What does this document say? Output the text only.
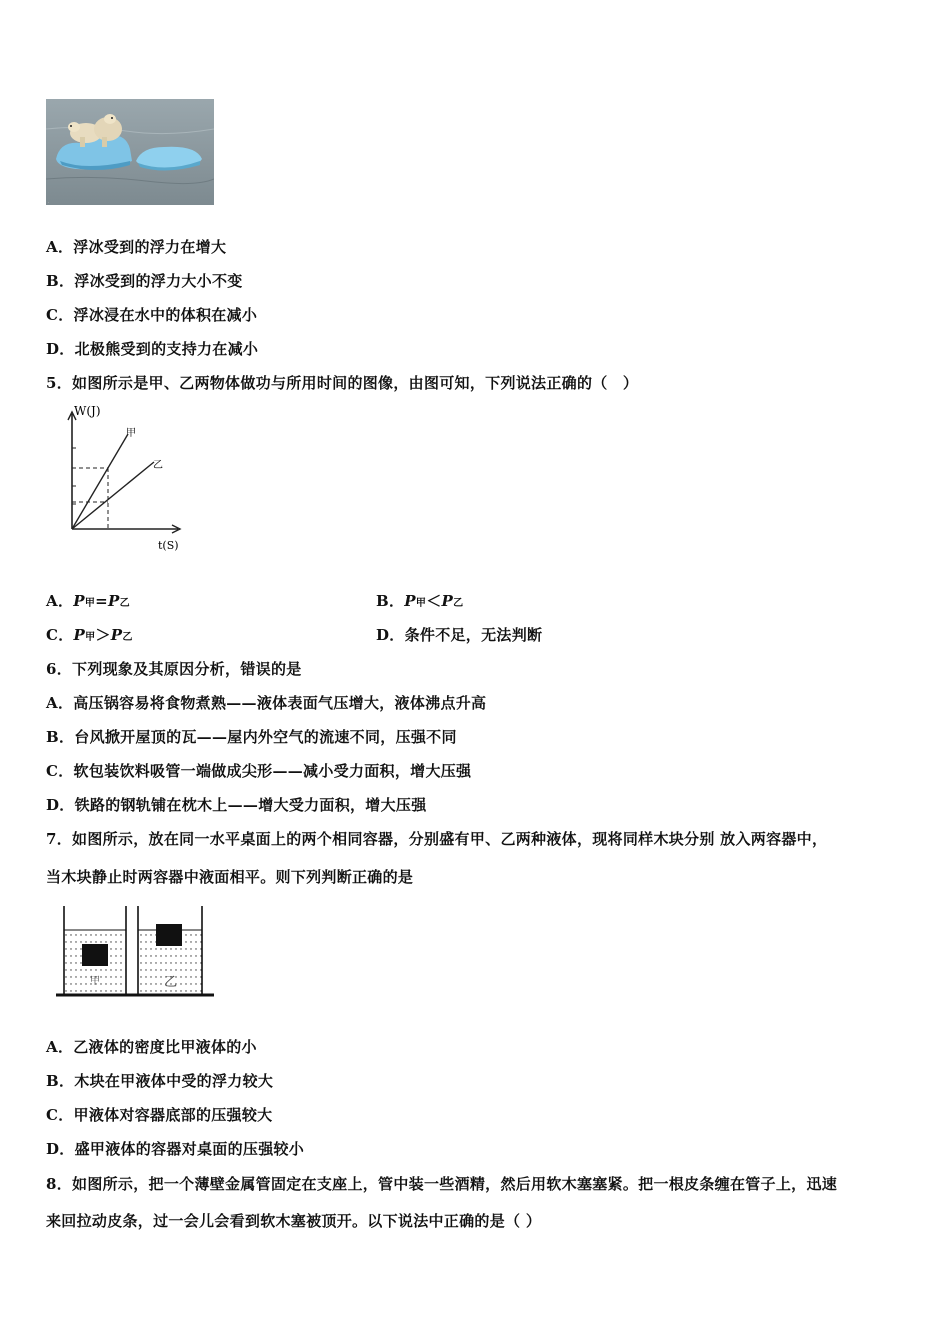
.
A．浮冰受到的浮力在增大
B．浮冰受到的浮力大小不变
C．浮冰浸在水中的体积在减小
D．北极熊受到的支持力在减小
5．如图所示是甲、乙两物体做功与所用时间的图像，由图可知，下列说法正确的（　）
W(J)
t(S)
甲
乙
A．P甲=P乙	B．P甲＜P乙
C．P甲＞P乙	D．条件不足，无法判断
6．下列现象及其原因分析，错误的是
A．高压锅容易将食物煮熟——液体表面气压增大，液体沸点升高
B．台风掀开屋顶的瓦——屋内外空气的流速不同，压强不同
C．软包装饮料吸管一端做成尖形——减小受力面积，增大压强
D．铁路的钢轨铺在枕木上——增大受力面积，增大压强
7．如图所示，放在同一水平桌面上的两个相同容器，分别盛有甲、乙两种液体，现将同样木块分别 放入两容器中，
当木块静止时两容器中液面相平。则下列判断正确的是
甲	乙
A．乙液体的密度比甲液体的小
B．木块在甲液体中受的浮力较大
C．甲液体对容器底部的压强较大
D．盛甲液体的容器对桌面的压强较小
8．如图所示，把一个薄壁金属管固定在支座上，管中装一些酒精，然后用软木塞塞紧。把一根皮条缠在管子上，迅速
来回拉动皮条，过一会儿会看到软木塞被顶开。以下说法中正确的是（ ）
